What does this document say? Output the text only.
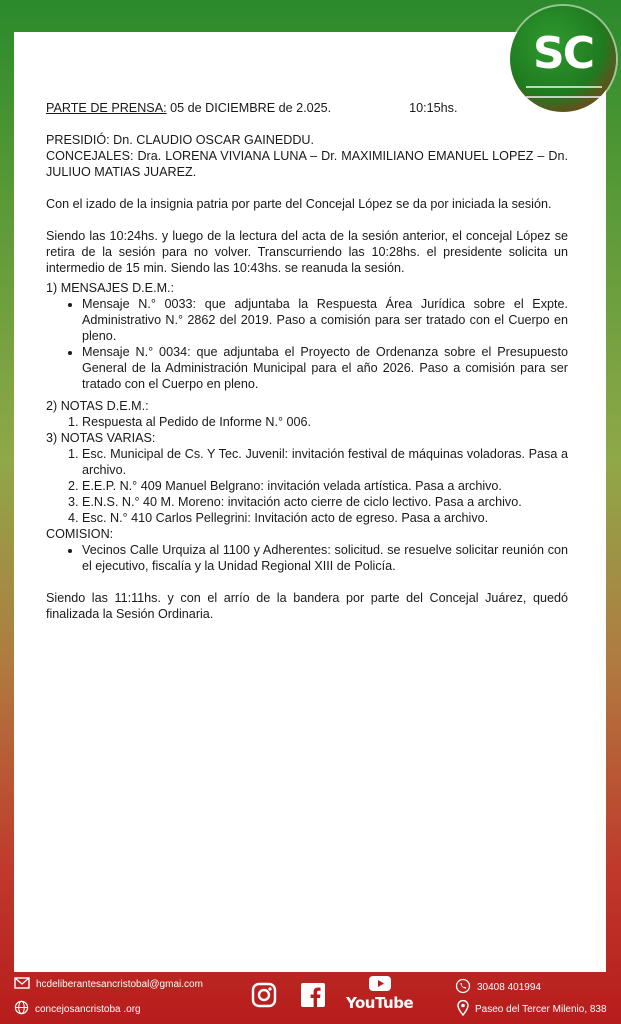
SC
PARTE DE PRENSA: 05 de DICIEMBRE de 2.025.	10:15hs.
PRESIDIÓ: Dn. CLAUDIO OSCAR GAINEDDU.

CONCEJALES: Dra. LORENA VIVIANA LUNA – Dr. MAXIMILIANO EMANUEL LOPEZ – Dn. JULIUO MATIAS JUAREZ.

Con el izado de la insignia patria por parte del Concejal López se da por iniciada la sesión.

Siendo las 10:24hs. y luego de la lectura del acta de la sesión anterior, el concejal López se retira de la sesión para no volver. Transcurriendo las 10:28hs. el presidente solicita un intermedio de 15 min. Siendo las 10:43hs. se reanuda la sesión.

1) MENSAJES D.E.M.:
• Mensaje N.° 0033: que adjuntaba la Respuesta Área Jurídica sobre el Expte. Administrativo N.° 2862 del 2019. Paso a comisión para ser tratado con el Cuerpo en pleno.
• Mensaje N.° 0034: que adjuntaba el Proyecto de Ordenanza sobre el Presupuesto General de la Administración Municipal para el año 2026. Paso a comisión para ser tratado con el Cuerpo en pleno.
2) NOTAS D.E.M.:
1. Respuesta al Pedido de Informe N.° 006.
3) NOTAS VARIAS:
1. Esc. Municipal de Cs. Y Tec. Juvenil: invitación festival de máquinas voladoras. Pasa a archivo.
2. E.E.P. N.° 409 Manuel Belgrano: invitación velada artística. Pasa a archivo.
3. E.N.S. N.° 40 M. Moreno: invitación acto cierre de ciclo lectivo. Pasa a archivo.
4. Esc. N.° 410 Carlos Pellegrini: Invitación acto de egreso. Pasa a archivo.
COMISION:
• Vecinos Calle Urquiza al 1100 y Adherentes: solicitud. se resuelve solicitar reunión con el ejecutivo, fiscalía y la Unidad Regional XIII de Policía.

Siendo las 11:11hs. y con el arrío de la bandera por parte del Concejal Juárez, quedó finalizada la Sesión Ordinaria.

hcdeliberantesancristobal@gmai.com
concejosancristoba .org	YouTube
30408 401994
Paseo del Tercer Milenio, 838
